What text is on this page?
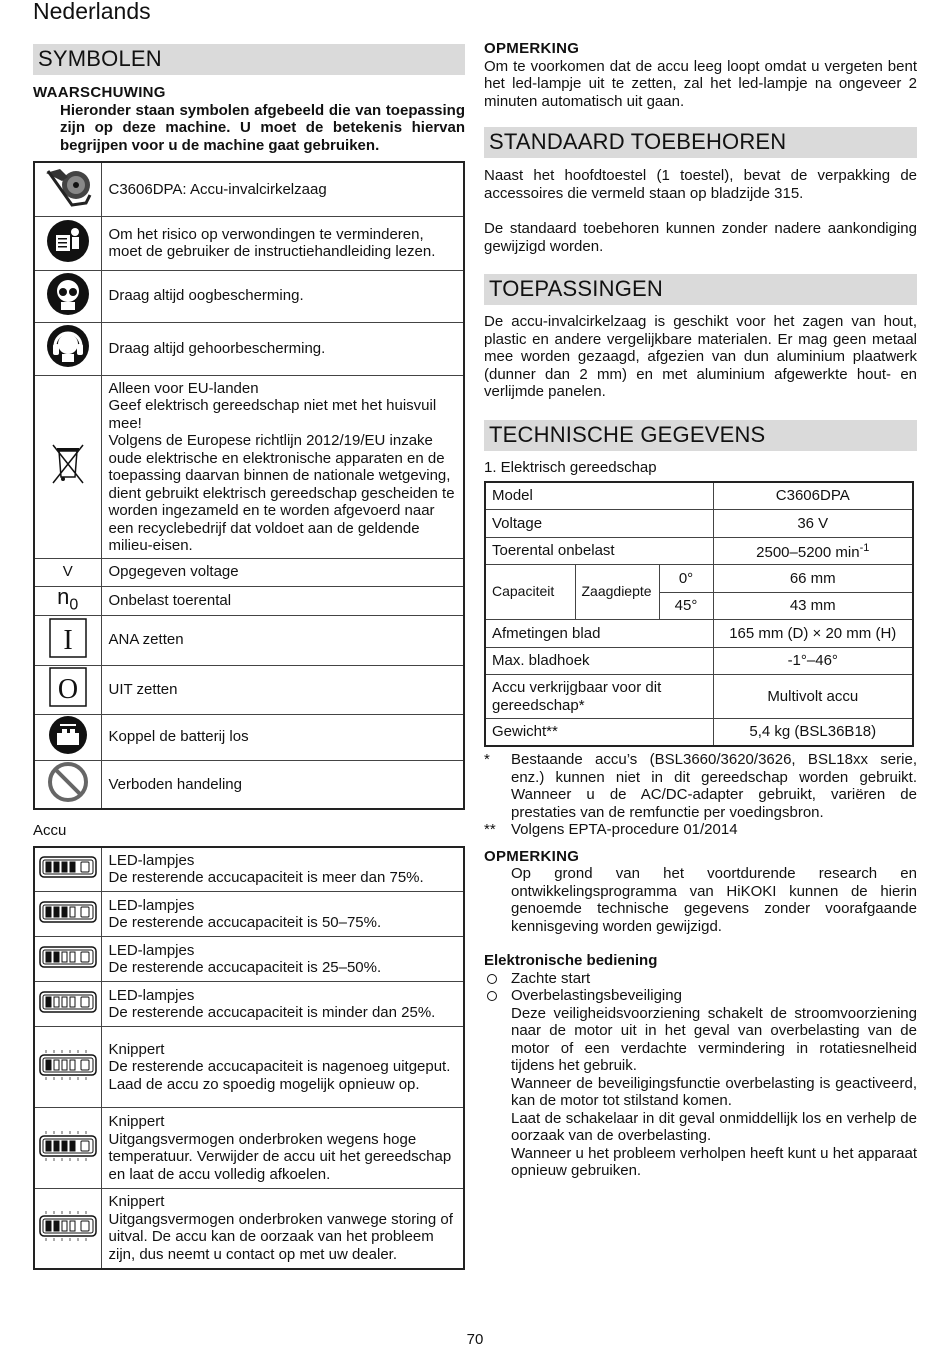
Nederlands
SYMBOLEN
WAARSCHUWING
Hieronder staan symbolen afgebeeld die van toepassing zijn op deze machine. U moet de betekenis hiervan begrijpen voor u de machine gaat gebruiken.
	C3606DPA: Accu-invalcirkelzaag
	Om het risico op verwondingen te verminderen, moet de gebruiker de instructiehandleiding lezen.
	Draag altijd oogbescherming.
	Draag altijd gehoorbescherming.

Alleen voor EU-landen
Geef elektrisch gereedschap niet met het huisvuil mee!
Volgens de Europese richtlijn 2012/19/EU inzake oude elektrische en elektronische apparaten en de toepassing daarvan binnen de nationale wetgeving, dient gebruikt elektrisch gereedschap gescheiden te worden ingezameld en te worden afgevoerd naar een recyclebedrijf dat voldoet aan de geldende milieu-eisen.

V	Opgegeven voltage
$n_0$	Onbelast toerental

I	ANA zetten

O	UIT zetten
	Koppel de batterij los
	Verboden handeling
Accu

LED-lampjes
De resterende accucapaciteit is meer dan 75%.

LED-lampjes
De resterende accucapaciteit is 50–75%.

LED-lampjes
De resterende accucapaciteit is 25–50%.

LED-lampjes
De resterende accucapaciteit is minder dan 25%.

Knippert
De resterende accucapaciteit is nagenoeg uitgeput. Laad de accu zo spoedig mogelijk opnieuw op.

Knippert
Uitgangsvermogen onderbroken wegens hoge temperatuur. Verwijder de accu uit het gereedschap en laat de accu volledig afkoelen.

Knippert
Uitgangsvermogen onderbroken vanwege storing of uitval. De accu kan de oorzaak van het probleem zijn, dus neemt u contact op met uw dealer.
OPMERKING
Om te voorkomen dat de accu leeg loopt omdat u vergeten bent het led-lampje uit te zetten, zal het led-lampje na ongeveer 2 minuten automatisch uit gaan.
STANDAARD TOEBEHOREN
Naast het hoofdtoestel (1 toestel), bevat de verpakking de accessoires die vermeld staan op bladzijde 315.
De standaard toebehoren kunnen zonder nadere aankondiging gewijzigd worden.
TOEPASSINGEN
De accu-invalcirkelzaag is geschikt voor het zagen van hout, plastic en andere vergelijkbare materialen. Er mag geen metaal mee worden gezaagd, afgezien van dun aluminium plaatwerk (dunner dan 2 mm) en met aluminium afgewerkte hout- en verlijmde panelen.
TECHNISCHE GEGEVENS
1. Elektrisch gereedschap
Model			C3606DPA
Voltage			36 V
Toerental onbelast			2500–5200 $\min^{-1}$
Capaciteit	Zaagdiepte	0°	66 mm
		45°	43 mm
Afmetingen blad			165 mm (D) × 20 mm (H)
Max. bladhoek			-1°–46°
Accu verkrijgbaar voor dit gereedschap*			Multivolt accu
Gewicht**			5,4 kg (BSL36B18)
* Bestaande accu’s (BSL3660/3620/3626, BSL18xx serie, enz.) kunnen niet in dit gereedschap worden gebruikt. Wanneer u de AC/DC-adapter gebruikt, variëren de prestaties van de remfunctie per voedingsbron.
** Volgens EPTA-procedure 01/2014
OPMERKING
Op grond van het voortdurende research en ontwikkelingsprogramma van HiKOKI kunnen de hierin genoemde technische gegevens zonder voorafgaande kennisgeving worden gewijzigd.
Elektronische bediening
Zachte start
Overbelastingsbeveiliging
Deze veiligheidsvoorziening schakelt de stroomvoorziening naar de motor uit in het geval van overbelasting van de motor of een verdachte vermindering in rotatiesnelheid tijdens het gebruik.
Wanneer de beveiligingsfunctie overbelasting is geactiveerd, kan de motor tot stilstand komen.
Laat de schakelaar in dit geval onmiddellijk los en verhelp de oorzaak van de overbelasting.
Wanneer u het probleem verholpen heeft kunt u het apparaat opnieuw gebruiken.
70
